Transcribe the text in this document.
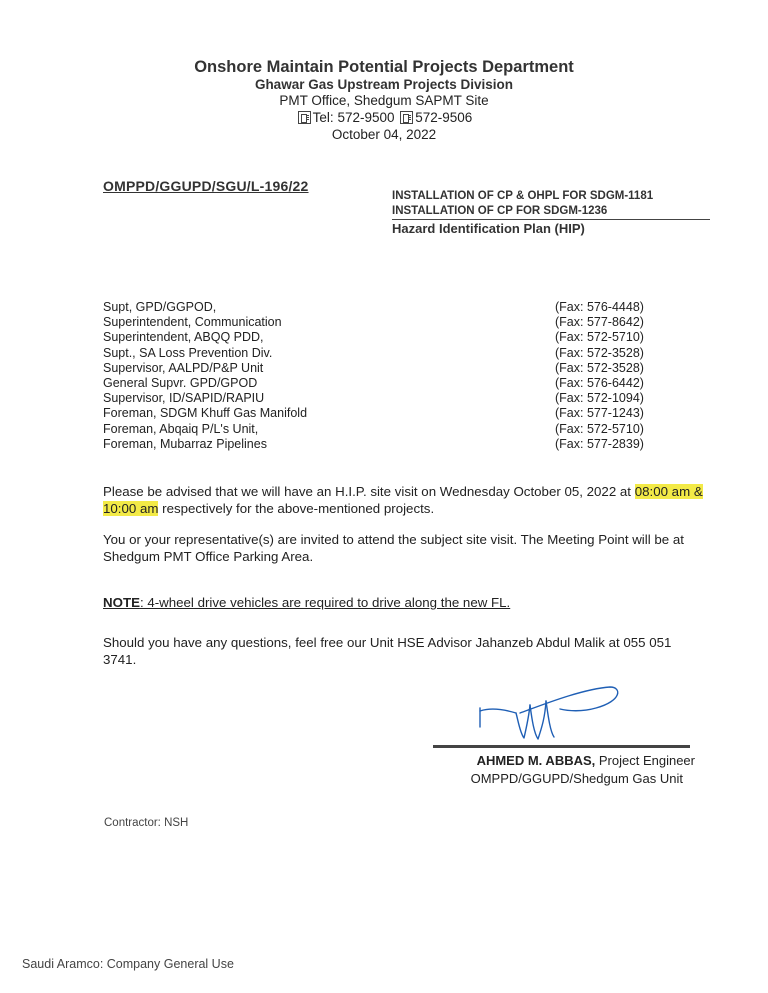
Onshore Maintain Potential Projects Department
Ghawar Gas Upstream Projects Division
PMT Office, Shedgum SAPMT Site
Tel: 572-9500 572-9506
October 04, 2022
OMPPD/GGUPD/SGU/L-196/22
INSTALLATION OF CP & OHPL FOR SDGM-1181
INSTALLATION OF CP FOR SDGM-1236
Hazard Identification Plan (HIP)
Supt, GPD/GGPOD,	(Fax: 576-4448)
Superintendent, Communication	(Fax: 577-8642)
Superintendent, ABQQ PDD,	(Fax: 572-5710)
Supt., SA Loss Prevention Div.	(Fax: 572-3528)
Supervisor, AALPD/P&P Unit	(Fax: 572-3528)
General Supvr. GPD/GPOD	(Fax: 576-6442)
Supervisor, ID/SAPID/RAPIU	(Fax: 572-1094)
Foreman, SDGM Khuff Gas Manifold	(Fax: 577-1243)
Foreman, Abqaiq P/L's Unit,	(Fax: 572-5710)
Foreman, Mubarraz Pipelines	(Fax: 577-2839)
Please be advised that we will have an H.I.P. site visit on Wednesday October 05, 2022 at 08:00 am & 10:00 am respectively for the above-mentioned projects.
You or your representative(s) are invited to attend the subject site visit. The Meeting Point will be at Shedgum PMT Office Parking Area.
NOTE: 4-wheel drive vehicles are required to drive along the new FL.
Should you have any questions, feel free our Unit HSE Advisor Jahanzeb Abdul Malik at 055 051 3741.
AHMED M. ABBAS, Project Engineer
OMPPD/GGUPD/Shedgum Gas Unit
Contractor: NSH
Saudi Aramco: Company General Use
